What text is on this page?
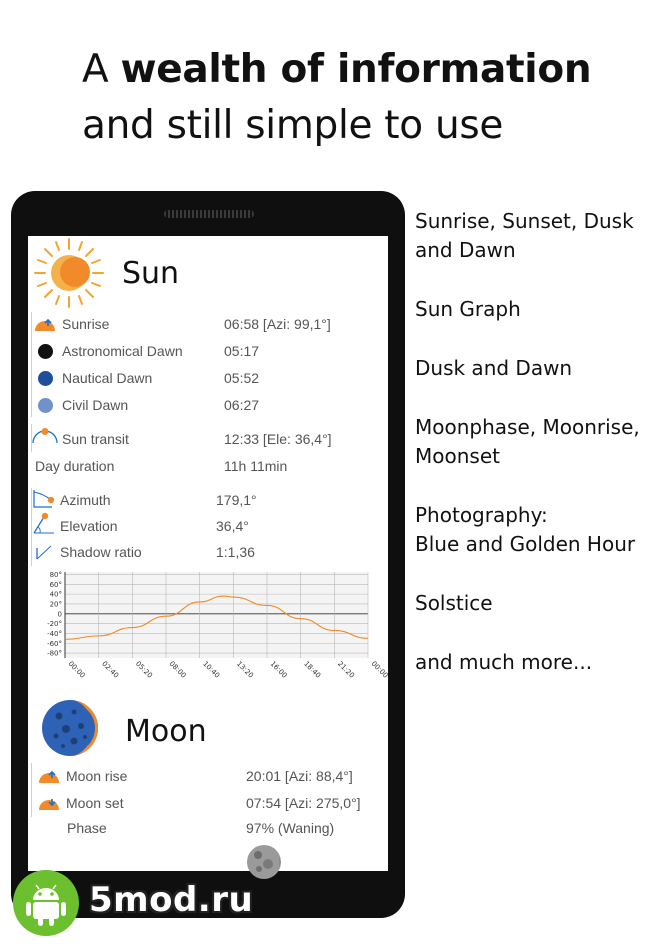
A wealth of information
and still simple to use
Sunrise, Sunset, Dusk
and Dawn
Sun Graph
Dusk and Dawn
Moonphase, Moonrise,
Moonset
Photography:
Blue and Golden Hour
Solstice
and much more...
Sun
Sunrise	06:58 [Azi: 99,1°]
Astronomical Dawn	05:17
Nautical Dawn	05:52
Civil Dawn	06:27
Sun transit	12:33 [Ele: 36,4°]
Day duration	11h 11min
Azimuth	179,1°
Elevation	36,4°
Shadow ratio	1:1,36
80°
60°
40°
20°
0
-20°
-40°
-60°
-80°
00:00 02:40 05:20 08:00 10:40 13:20 16:00 18:40 21:20 00:00
Moon
Moon rise	20:01 [Azi: 88,4°]
Moon set	07:54 [Azi: 275,0°]
Phase	97% (Waning)
5mod.ru
